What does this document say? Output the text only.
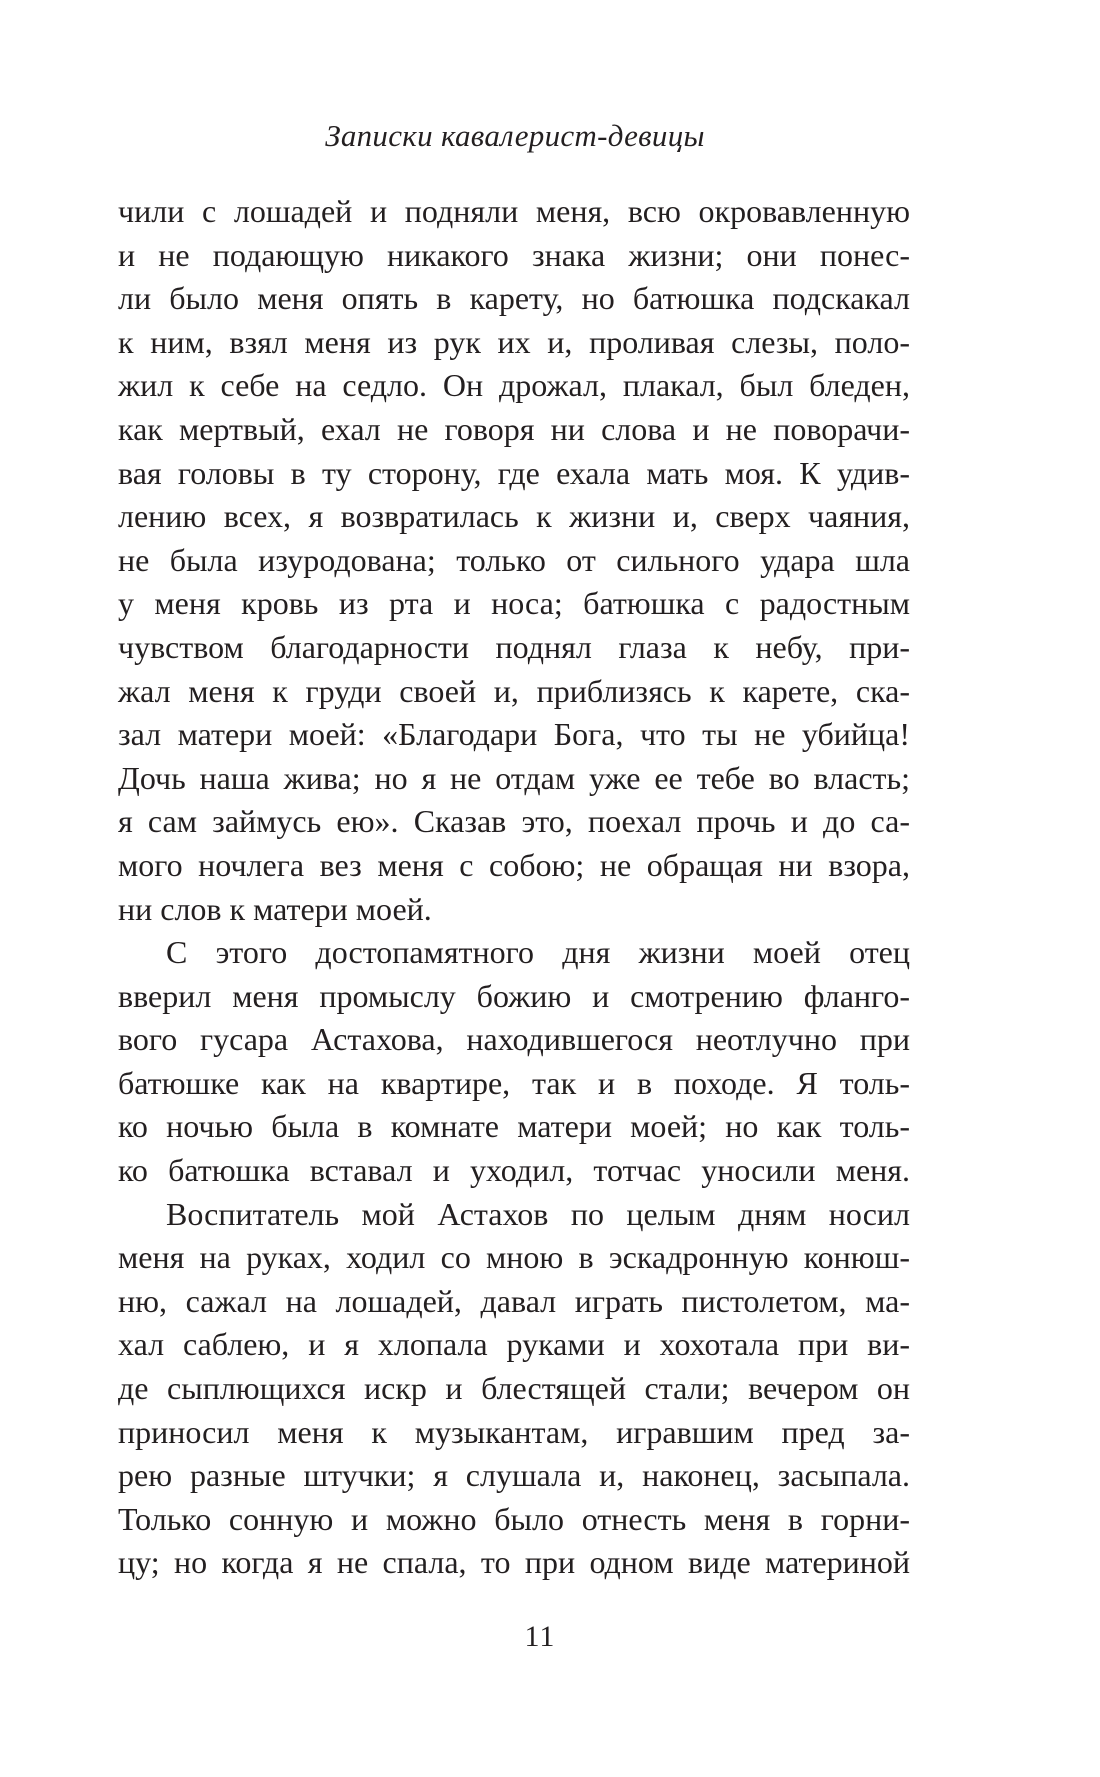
Записки кавалерист-девицы
чили с лошадей и подняли меня, всю окровавленную
и не подающую никакого знака жизни; они понес-
ли было меня опять в карету, но батюшка подскакал
к ним, взял меня из рук их и, проливая слезы, поло-
жил к себе на седло. Он дрожал, плакал, был бледен,
как мертвый, ехал не говоря ни слова и не поворачи-
вая головы в ту сторону, где ехала мать моя. К удив-
лению всех, я возвратилась к жизни и, сверх чаяния,
не была изуродована; только от сильного удара шла
у меня кровь из рта и носа; батюшка с радостным
чувством благодарности поднял глаза к небу, при-
жал меня к груди своей и, приблизясь к карете, ска-
зал матери моей: «Благодари Бога, что ты не убийца!
Дочь наша жива; но я не отдам уже ее тебе во власть;
я сам займусь ею». Сказав это, поехал прочь и до са-
мого ночлега вез меня с собою; не обращая ни взора,
ни слов к матери моей.
С этого достопамятного дня жизни моей отец
вверил меня промыслу божию и смотрению фланго-
вого гусара Астахова, находившегося неотлучно при
батюшке как на квартире, так и в походе. Я толь-
ко ночью была в комнате матери моей; но как толь-
ко батюшка вставал и уходил, тотчас уносили меня.
Воспитатель мой Астахов по целым дням носил
меня на руках, ходил со мною в эскадронную конюш-
ню, сажал на лошадей, давал играть пистолетом, ма-
хал саблею, и я хлопала руками и хохотала при ви-
де сыплющихся искр и блестящей стали; вечером он
приносил меня к музыкантам, игравшим пред за-
рею разные штучки; я слушала и, наконец, засыпала.
Только сонную и можно было отнесть меня в горни-
цу; но когда я не спала, то при одном виде материной
11
